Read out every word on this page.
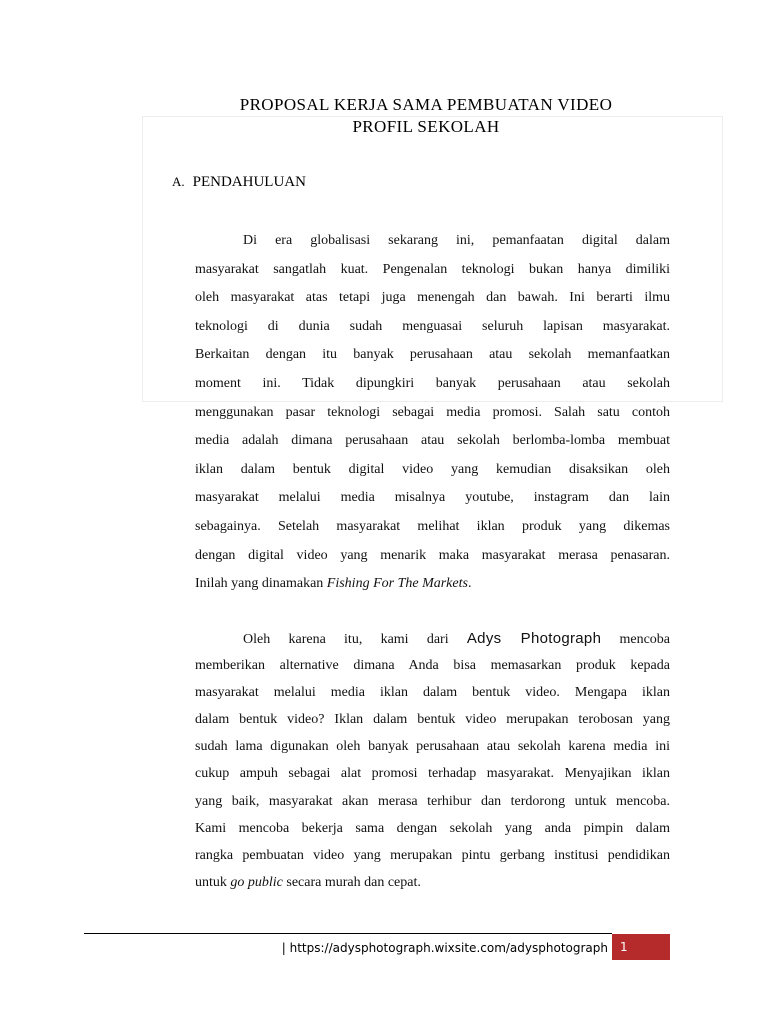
PROPOSAL KERJA SAMA PEMBUATAN VIDEO
PROFIL SEKOLAH
A. PENDAHULUAN
Di era globalisasi sekarang ini, pemanfaatan digital dalam
masyarakat sangatlah kuat. Pengenalan teknologi bukan hanya dimiliki
oleh masyarakat atas tetapi juga menengah dan bawah. Ini berarti ilmu
teknologi di dunia sudah menguasai seluruh lapisan masyarakat.
Berkaitan dengan itu banyak perusahaan atau sekolah memanfaatkan
moment ini. Tidak dipungkiri banyak perusahaan atau sekolah
menggunakan pasar teknologi sebagai media promosi. Salah satu contoh
media adalah dimana perusahaan atau sekolah berlomba-lomba membuat
iklan dalam bentuk digital video yang kemudian disaksikan oleh
masyarakat melalui media misalnya youtube, instagram dan lain
sebagainya. Setelah masyarakat melihat iklan produk yang dikemas
dengan digital video yang menarik maka masyarakat merasa penasaran.
Inilah yang dinamakan Fishing For The Markets.
Oleh karena itu, kami dari Adys Photograph mencoba
memberikan alternative dimana Anda bisa memasarkan produk kepada
masyarakat melalui media iklan dalam bentuk video. Mengapa iklan
dalam bentuk video? Iklan dalam bentuk video merupakan terobosan yang
sudah lama digunakan oleh banyak perusahaan atau sekolah karena media ini
cukup ampuh sebagai alat promosi terhadap masyarakat. Menyajikan iklan
yang baik, masyarakat akan merasa terhibur dan terdorong untuk mencoba.
Kami mencoba bekerja sama dengan sekolah yang anda pimpin dalam
rangka pembuatan video yang merupakan pintu gerbang institusi pendidikan
untuk go public secara murah dan cepat.
| https://adysphotograph.wixsite.com/adysphotograph	1
